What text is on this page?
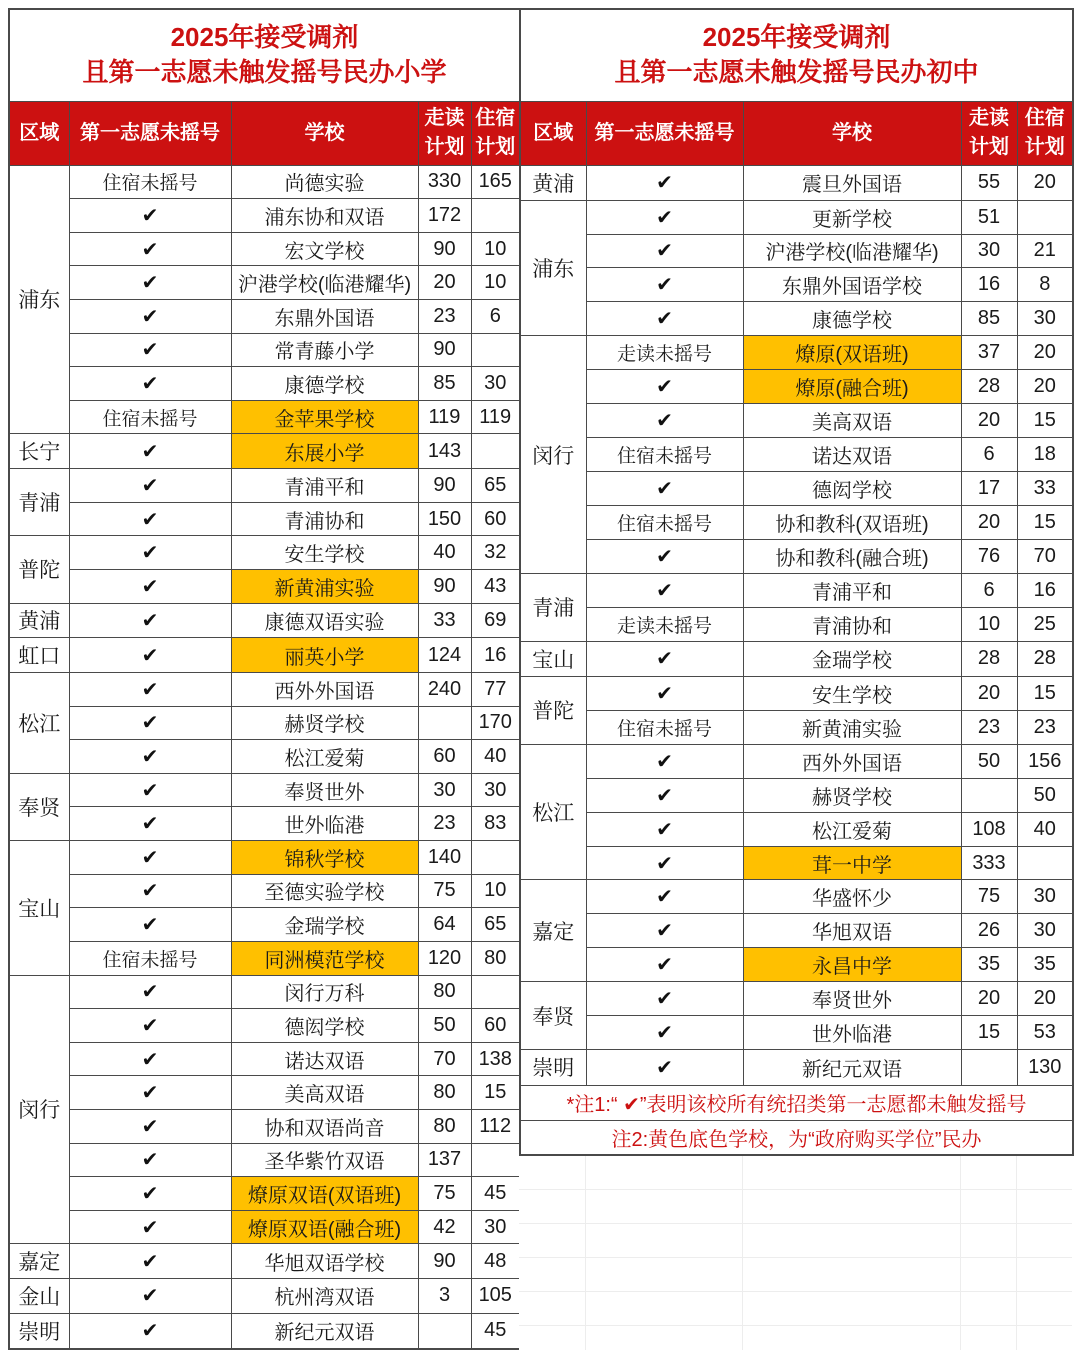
2025年接受调剂
且第一志愿未触发摇号民办小学				

区域	第一志愿未摇号	学校	走读计划	住宿计划
浦东	住宿未摇号	尚德实验	330	165
	✔	浦东协和双语	172	
	✔	宏文学校	90	10
	✔	沪港学校(临港耀华)	20	10
	✔	东鼎外国语	23	6
	✔	常青藤小学	90	
	✔	康德学校	85	30
	住宿未摇号	金苹果学校	119	119
长宁	✔	东展小学	143	
青浦	✔	青浦平和	90	65
	✔	青浦协和	150	60
普陀	✔	安生学校	40	32
	✔	新黄浦实验	90	43
黄浦	✔	康德双语实验	33	69
虹口	✔	丽英小学	124	16
松江	✔	西外外国语	240	77
	✔	赫贤学校		170
	✔	松江爱菊	60	40
奉贤	✔	奉贤世外	30	30
	✔	世外临港	23	83
宝山	✔	锦秋学校	140	
	✔	至德实验学校	75	10
	✔	金瑞学校	64	65
	住宿未摇号	同洲模范学校	120	80
闵行	✔	闵行万科	80	
	✔	德闳学校	50	60
	✔	诺达双语	70	138
	✔	美高双语	80	15
	✔	协和双语尚音	80	112
	✔	圣华紫竹双语	137	
	✔	燎原双语(双语班)	75	45
	✔	燎原双语(融合班)	42	30
嘉定	✔	华旭双语学校	90	48
金山	✔	杭州湾双语	3	105
崇明	✔	新纪元双语		45
2025年接受调剂
且第一志愿未触发摇号民办初中				

区域	第一志愿未摇号	学校	走读计划	住宿计划
黄浦	✔	震旦外国语	55	20
浦东	✔	更新学校	51	
	✔	沪港学校(临港耀华)	30	21
	✔	东鼎外国语学校	16	8
	✔	康德学校	85	30
闵行	走读未摇号	燎原(双语班)	37	20
	✔	燎原(融合班)	28	20
	✔	美高双语	20	15
	住宿未摇号	诺达双语	6	18
	✔	德闳学校	17	33
	住宿未摇号	协和教科(双语班)	20	15
	✔	协和教科(融合班)	76	70
青浦	✔	青浦平和	6	16
	走读未摇号	青浦协和	10	25
宝山	✔	金瑞学校	28	28
普陀	✔	安生学校	20	15
	住宿未摇号	新黄浦实验	23	23
松江	✔	西外外国语	50	156
	✔	赫贤学校		50
	✔	松江爱菊	108	40
	✔	茸一中学	333	
嘉定	✔	华盛怀少	75	30
	✔	华旭双语	26	30
	✔	永昌中学	35	35
奉贤	✔	奉贤世外	20	20
	✔	世外临港	15	53
崇明	✔	新纪元双语		130
*注1:“ ✔”表明该校所有统招类第一志愿都未触发摇号				
注2:黄色底色学校，为“政府购买学位”民办				
